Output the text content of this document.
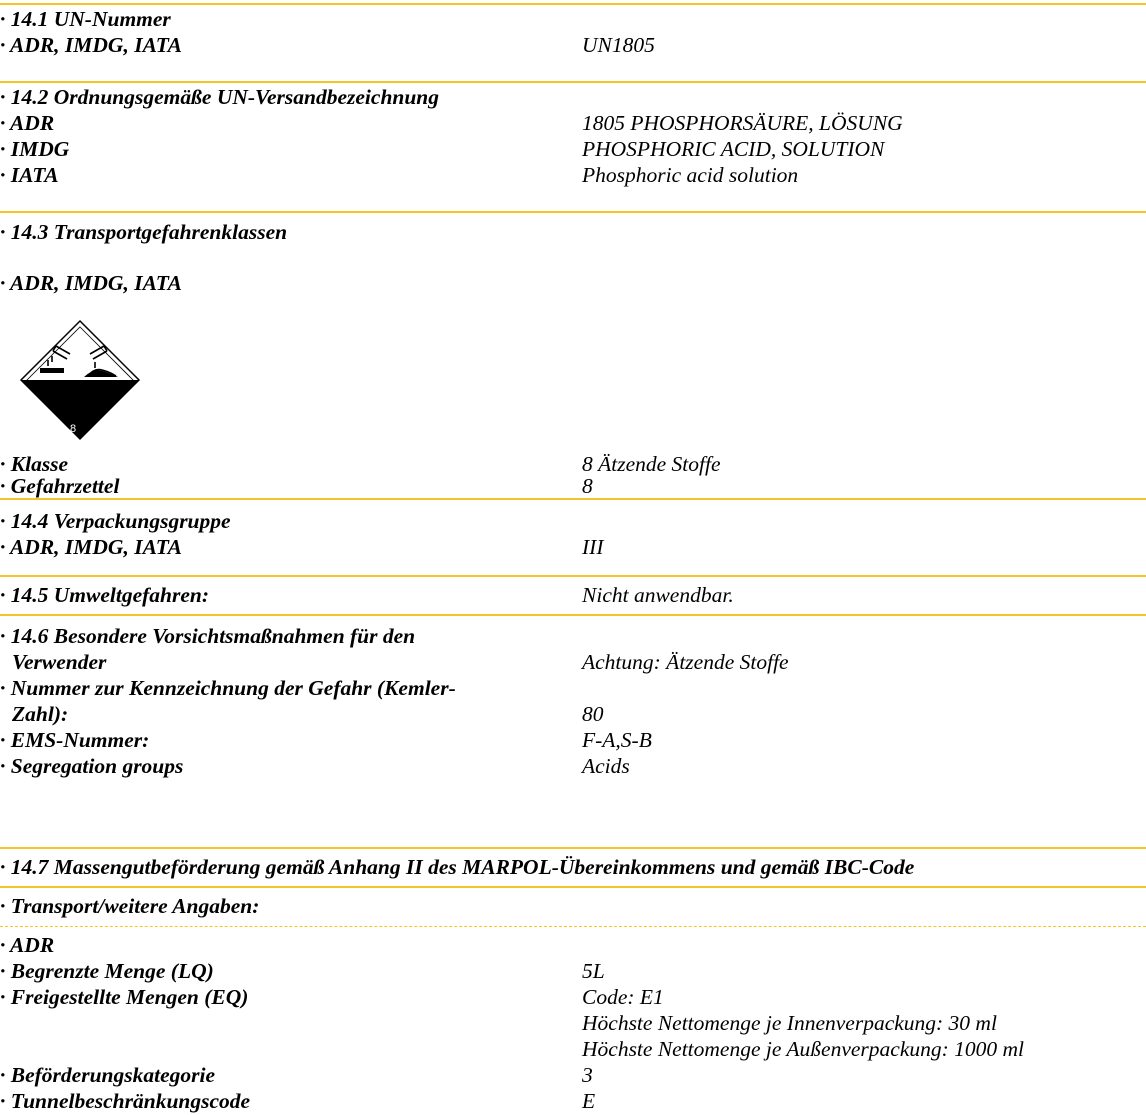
· 14.1 UN-Nummer
· ADR, IMDG, IATA	UN1805
· 14.2 Ordnungsgemäße UN-Versandbezeichnung
· ADR	1805 PHOSPHORSÄURE, LÖSUNG
· IMDG	PHOSPHORIC ACID, SOLUTION
· IATA	Phosphoric acid solution
· 14.3 Transportgefahrenklassen
· ADR, IMDG, IATA
8
· Klasse	8 Ätzende Stoffe
· Gefahrzettel	8
· 14.4 Verpackungsgruppe
· ADR, IMDG, IATA	III
· 14.5 Umweltgefahren:	Nicht anwendbar.
· 14.6 Besondere Vorsichtsmaßnahmen für den
Verwender	Achtung: Ätzende Stoffe
· Nummer zur Kennzeichnung der Gefahr (Kemler-
Zahl):	80
· EMS-Nummer:	F-A,S-B
· Segregation groups	Acids
· 14.7 Massengutbeförderung gemäß Anhang II des MARPOL-Übereinkommens und gemäß IBC-Code
· Transport/weitere Angaben:
· ADR
· Begrenzte Menge (LQ)	5L
· Freigestellte Mengen (EQ)	Code: E1
Höchste Nettomenge je Innenverpackung: 30 ml
Höchste Nettomenge je Außenverpackung: 1000 ml
· Beförderungskategorie	3
· Tunnelbeschränkungscode	E
